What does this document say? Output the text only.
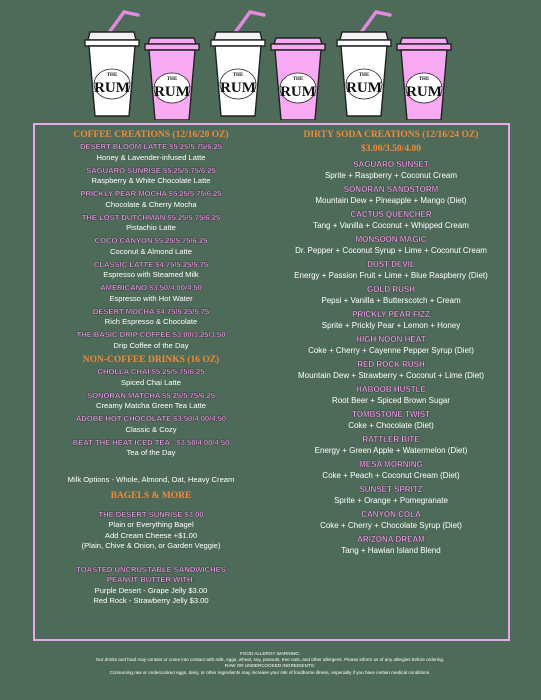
THE
RUM
THE
RUM
THE
RUM
THE
RUM
THE
RUM
THE
RUM
COFFEE CREATIONS (12/16/20 OZ)
DESERT BLOOM LATTE $5.25/5.75/6.25
Honey & Lavender-infused Latte
SAGUARO SUNRISE $5.25/5.75/6.25
Raspberry & White Chocolate Latte
PRICKLY PEAR MOCHA $5.25/5.75/6.25
Chocolate & Cherry Mocha
THE LOST DUTCHMAN $5.25/5.75/6.25
Pistachio Latte
COCO CANYON $5.25/5.75/6.25
Coconut & Almond Latte
CLASSIC LATTE $4.75/5.25/5.75
Espresso with Steamed Milk
AMERICANO $3.50/4.00/4.50
Espresso with Hot Water
DESERT MOCHA $4.75/5.25/5.75
Rich Espresso & Chocolate
THE BASIC DRIP COFFEE $3.00/3.25/3.50
Drip Coffee of the Day
NON-COFFEE DRINKS (16 OZ)
CHOLLA CHAI $5.25/5.75/6.25
Spiced Chai Latte
SONORAN MATCHA $5.25/5.75/6.25
Creamy Matcha Green Tea Latte
ADOBE HOT CHOCOLATE $3.50/4.00/4.50
Classic & Cozy
BEAT THE HEAT ICED TEA - $3.50/4.00/4.50
Tea of the Day
Milk Options - Whole, Almond, Oat, Heavy Cream
BAGELS & MORE
THE DESERT SUNRISE $3.00
Plain or Everything Bagel
Add Cream Cheese +$1.00
(Plain, Chive & Onion, or Garden Veggie)
TOASTED UNCRUSTABLE SANDWICHES
PEANUT BUTTER WITH:
Purple Desert - Grape Jelly $3.00
Red Rock - Strawberry Jelly $3.00
DIRTY SODA CREATIONS (12/16/24 OZ)
$3.00/3.50/4.00
SAGUARO SUNSET
Sprite + Raspberry + Coconut Cream
SONORAN SANDSTORM
Mountain Dew + Pineapple + Mango (Diet)
CACTUS QUENCHER
Tang + Vanilla + Coconut + Whipped Cream
MONSOON MAGIC
Dr. Pepper + Coconut Syrup + Lime + Coconut Cream
DUST DEVIL
Energy + Passion Fruit + Lime + Blue Raspberry (Diet)
GOLD RUSH
Pepsi + Vanilla + Butterscotch + Cream
PRICKLY PEAR FIZZ
Sprite + Prickly Pear + Lemon + Honey
HIGH NOON HEAT
Coke + Cherry + Cayenne Pepper Syrup (Diet)
RED ROCK RUSH
Mountain Dew + Strawberry + Coconut + Lime (Diet)
HABOOB HUSTLE
Root Beer + Spiced Brown Sugar
TOMBSTONE TWIST
Coke + Chocolate (Diet)
RATTLER BITE
Energy + Green Apple + Watermelon (Diet)
MESA MORNING
Coke + Peach + Coconut Cream (Diet)
SUNSET SPRITZ
Sprite + Orange + Pomegranate
CANYON COLA
Coke + Cherry + Chocolate Syrup (Diet)
ARIZONA DREAM
Tang + Hawian Island Blend
FOOD ALLERGY WARNING:
Our drinks and food may contain or come into contact with milk, eggs, wheat, soy, peanuts, tree nuts, and other allergens. Please inform us of any allergies before ordering.
RAW OR UNDERCOOKED INGREDIENTS:
Consuming raw or undercooked eggs, dairy, or other ingredients may increase your risk of foodborne illness, especially if you have certain medical conditions.
